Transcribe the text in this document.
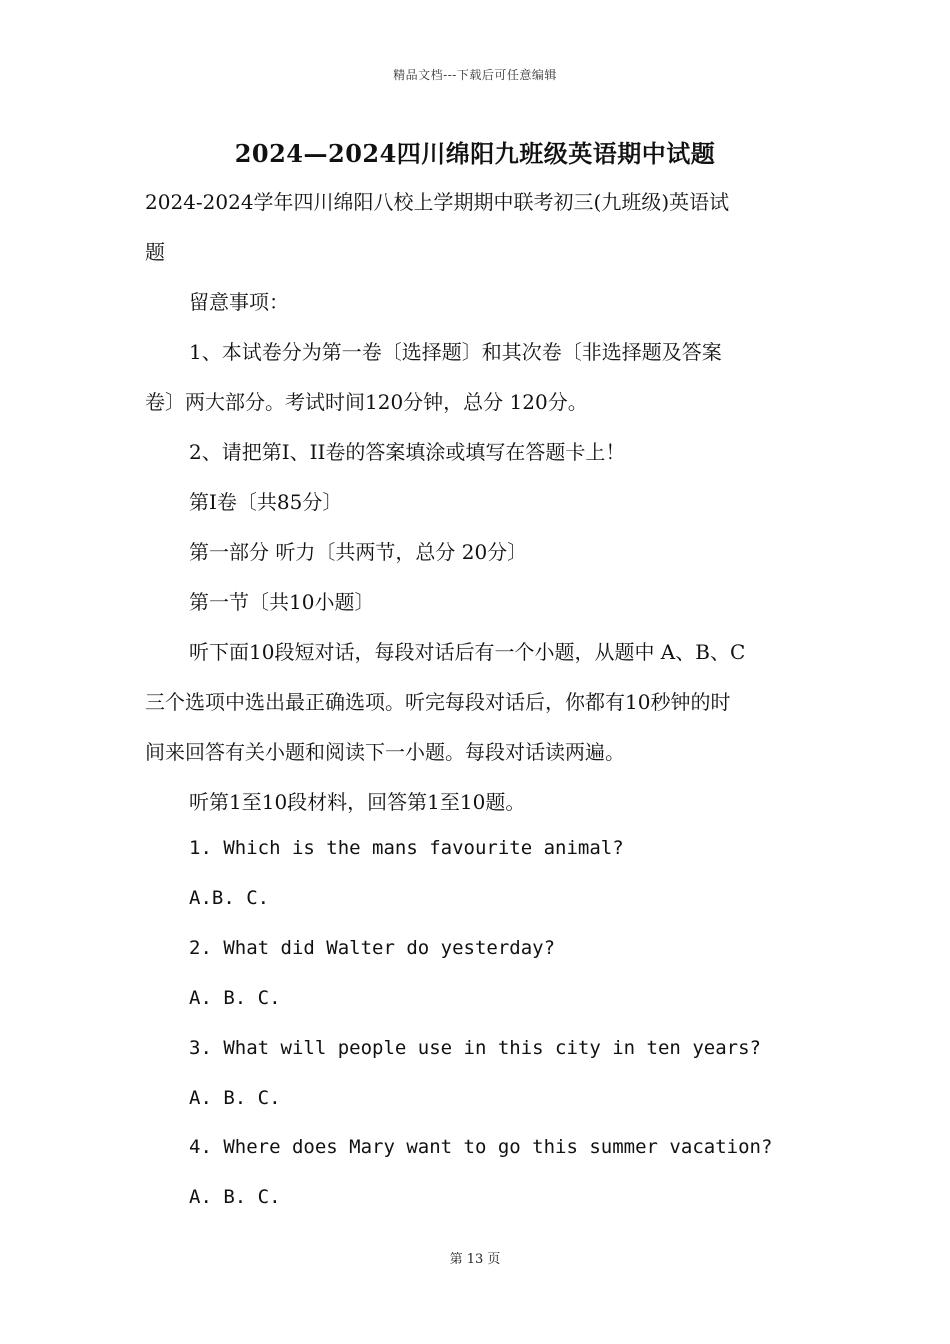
精品文档---下载后可任意编辑
2024—2024四川绵阳九班级英语期中试题
2024-2024学年四川绵阳八校上学期期中联考初三(九班级)英语试
题
留意事项：
1、本试卷分为第一卷〔选择题〕和其次卷〔非选择题及答案
卷〕两大部分。考试时间120分钟，总分 120分。
2、请把第Ⅰ、II卷的答案填涂或填写在答题卡上！
第Ⅰ卷〔共85分〕
第一部分 听力〔共两节，总分 20分〕
第一节〔共10小题〕
听下面10段短对话，每段对话后有一个小题，从题中 A、B、C
三个选项中选出最正确选项。听完每段对话后，你都有10秒钟的时
间来回答有关小题和阅读下一小题。每段对话读两遍。
听第1至10段材料，回答第1至10题。
1. Which is the mans favourite animal?
A.B. C.
2. What did Walter do yesterday?
A. B. C.
3. What will people use in this city in ten years?
A. B. C.
4. Where does Mary want to go this summer vacation?
A. B. C.
第 13 页
